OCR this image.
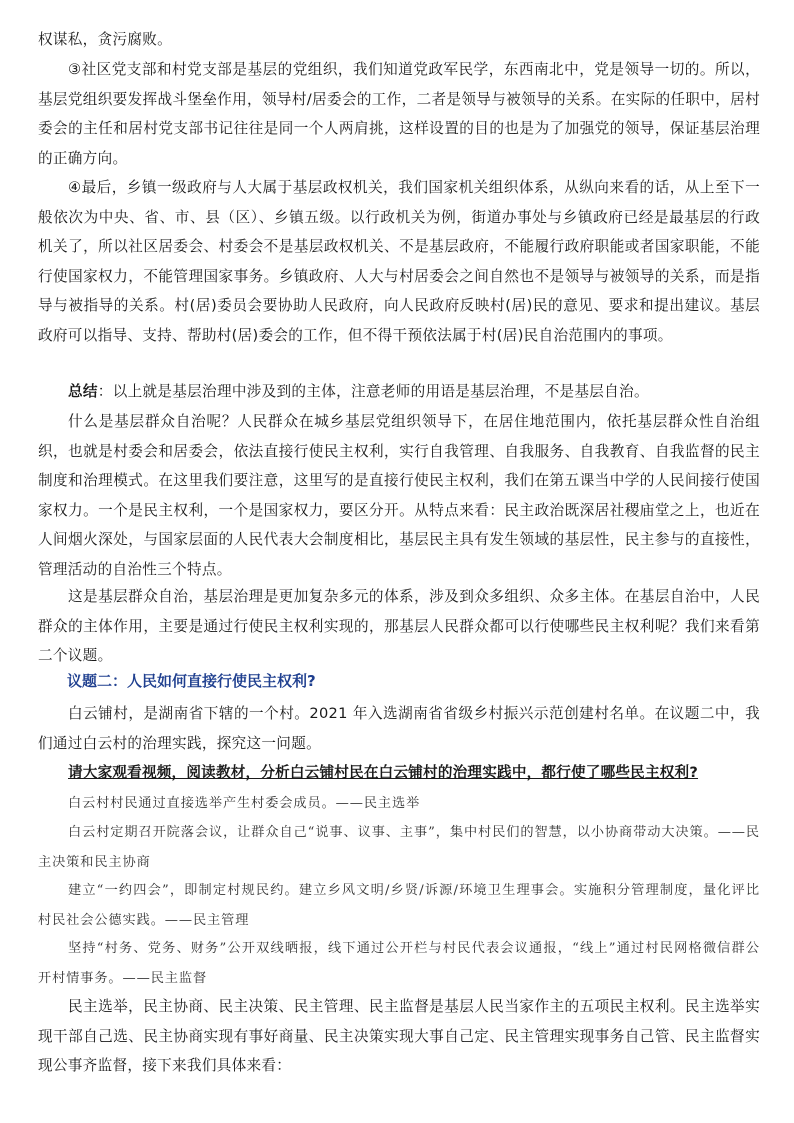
权谋私，贪污腐败。

③社区党支部和村党支部是基层的党组织，我们知道党政军民学，东西南北中，党是领导一切的。所以，基层党组织要发挥战斗堡垒作用，领导村/居委会的工作，二者是领导与被领导的关系。在实际的任职中，居村委会的主任和居村党支部书记往往是同一个人两肩挑，这样设置的目的也是为了加强党的领导，保证基层治理的正确方向。

④最后，乡镇一级政府与人大属于基层政权机关，我们国家机关组织体系，从纵向来看的话，从上至下一般依次为中央、省、市、县（区）、乡镇五级。以行政机关为例，街道办事处与乡镇政府已经是最基层的行政机关了，所以社区居委会、村委会不是基层政权机关、不是基层政府，不能履行政府职能或者国家职能，不能行使国家权力，不能管理国家事务。乡镇政府、人大与村居委会之间自然也不是领导与被领导的关系，而是指导与被指导的关系。村(居)委员会要协助人民政府，向人民政府反映村(居)民的意见、要求和提出建议。基层政府可以指导、支持、帮助村(居)委会的工作，但不得干预依法属于村(居)民自治范围内的事项。

总结：以上就是基层治理中涉及到的主体，注意老师的用语是基层治理，不是基层自治。

什么是基层群众自治呢？人民群众在城乡基层党组织领导下，在居住地范围内，依托基层群众性自治组织，也就是村委会和居委会，依法直接行使民主权利，实行自我管理、自我服务、自我教育、自我监督的民主制度和治理模式。在这里我们要注意，这里写的是直接行使民主权利，我们在第五课当中学的人民间接行使国家权力。一个是民主权利，一个是国家权力，要区分开。从特点来看：民主政治既深居社稷庙堂之上，也近在人间烟火深处，与国家层面的人民代表大会制度相比，基层民主具有发生领域的基层性，民主参与的直接性，管理活动的自治性三个特点。

这是基层群众自治，基层治理是更加复杂多元的体系，涉及到众多组织、众多主体。在基层自治中，人民群众的主体作用，主要是通过行使民主权利实现的，那基层人民群众都可以行使哪些民主权利呢？我们来看第二个议题。

议题二：人民如何直接行使民主权利?

白云铺村，是湖南省下辖的一个村。2021 年入选湖南省省级乡村振兴示范创建村名单。在议题二中，我们通过白云村的治理实践，探究这一问题。

请大家观看视频，阅读教材，分析白云铺村民在白云铺村的治理实践中，都行使了哪些民主权利?

白云村村民通过直接选举产生村委会成员。——民主选举

白云村定期召开院落会议，让群众自己“说事、议事、主事”，集中村民们的智慧，以小协商带动大决策。——民主决策和民主协商

建立“一约四会”，即制定村规民约。建立乡风文明/乡贤/诉源/环境卫生理事会。实施积分管理制度，量化评比村民社会公德实践。——民主管理

坚持“村务、党务、财务”公开双线晒报，线下通过公开栏与村民代表会议通报，“线上”通过村民网格微信群公开村情事务。——民主监督

民主选举，民主协商、民主决策、民主管理、民主监督是基层人民当家作主的五项民主权利。民主选举实现干部自己选、民主协商实现有事好商量、民主决策实现大事自己定、民主管理实现事务自己管、民主监督实现公事齐监督，接下来我们具体来看：
